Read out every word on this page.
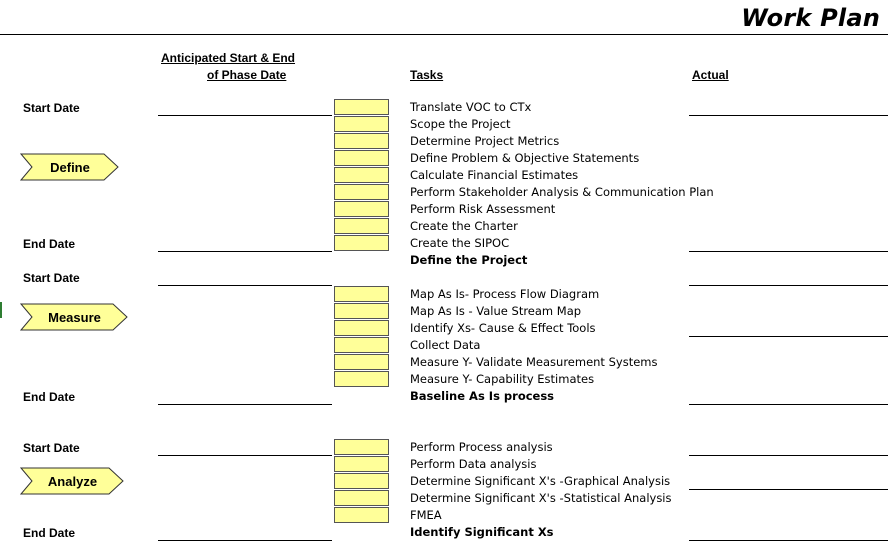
Work Plan
Anticipated Start & End
of Phase Date	Tasks	Actual
Start Date
End Date
Define
Translate VOC to CTx
Scope the Project
Determine Project Metrics
Define Problem & Objective Statements
Calculate Financial Estimates
Perform Stakeholder Analysis & Communication Plan
Perform Risk Assessment
Create the Charter
Create the SIPOC
Define the Project
Start Date
End Date
Measure
Map As Is- Process Flow Diagram
Map As Is - Value Stream Map
Identify Xs- Cause & Effect Tools
Collect Data
Measure Y- Validate Measurement Systems
Measure Y- Capability Estimates
Baseline As Is process
Start Date
End Date
Analyze
Perform Process analysis
Perform Data analysis
Determine Significant X's -Graphical Analysis
Determine Significant X's -Statistical Analysis
FMEA
Identify Significant Xs
